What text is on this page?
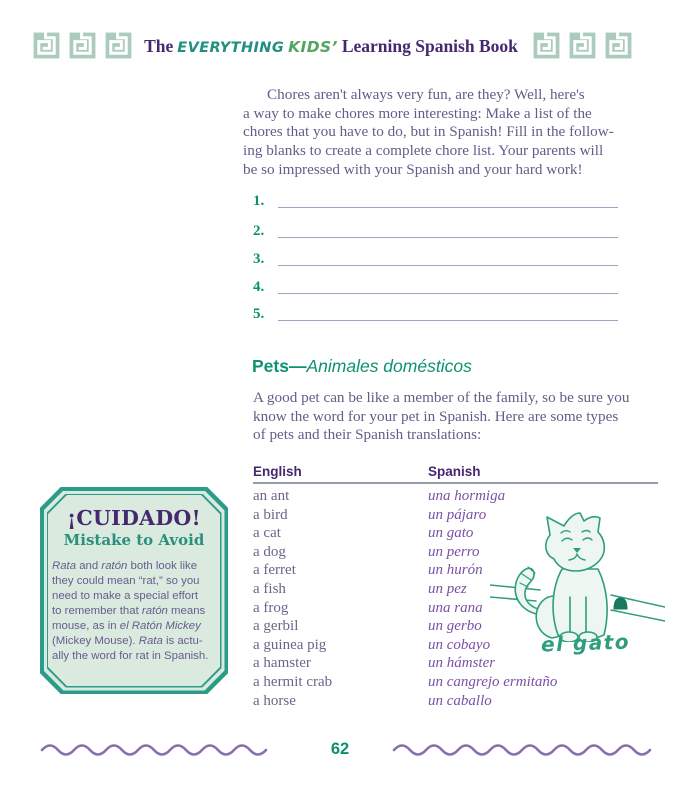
The EVERYTHING KIDS’ Learning Spanish Book
Chores aren't always very fun, are they? Well, here's
a way to make chores more interesting: Make a list of the
chores that you have to do, but in Spanish! Fill in the follow-
ing blanks to create a complete chore list. Your parents will
be so impressed with your Spanish and your hard work!
1.
2.
3.
4.
5.
Pets—Animales domésticos
A good pet can be like a member of the family, so be sure you
know the word for your pet in Spanish. Here are some types
of pets and their Spanish translations:
English	Spanish
an ant	una hormiga
a bird	un pájaro
a cat	un gato
a dog	un perro
a ferret	un hurón
a fish	un pez
a frog	una rana
a gerbil	un gerbo
a guinea pig	un cobayo
a hamster	un hámster
a hermit crab	un cangrejo ermitaño
a horse	un caballo
¡CUIDADO!
Mistake to Avoid
Rata and ratón both look like
they could mean “rat,” so you
need to make a special effort
to remember that ratón means
mouse, as in el Ratón Mickey
(Mickey Mouse). Rata is actu-
ally the word for rat in Spanish.	el gato
62
